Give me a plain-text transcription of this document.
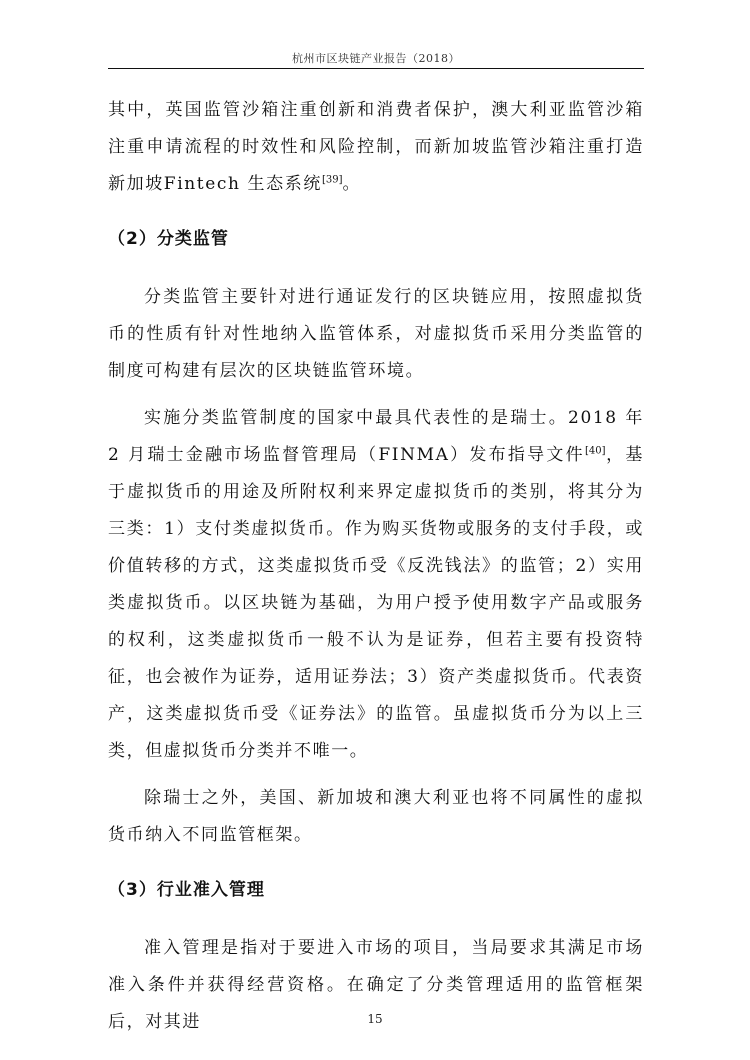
杭州市区块链产业报告（2018）

其中，英国监管沙箱注重创新和消费者保护，澳大利亚监管沙箱注重申请流程的时效性和风险控制，而新加坡监管沙箱注重打造新加坡Fintech 生态系统[39]。

（2）分类监管

分类监管主要针对进行通证发行的区块链应用，按照虚拟货币的性质有针对性地纳入监管体系，对虚拟货币采用分类监管的制度可构建有层次的区块链监管环境。

实施分类监管制度的国家中最具代表性的是瑞士。2018 年 2 月瑞士金融市场监督管理局（FINMA）发布指导文件[40]，基于虚拟货币的用途及所附权利来界定虚拟货币的类别，将其分为三类：1）支付类虚拟货币。作为购买货物或服务的支付手段，或价值转移的方式，这类虚拟货币受《反洗钱法》的监管；2）实用类虚拟货币。以区块链为基础，为用户授予使用数字产品或服务的权利，这类虚拟货币一般不认为是证券，但若主要有投资特征，也会被作为证券，适用证券法；3）资产类虚拟货币。代表资产，这类虚拟货币受《证券法》的监管。虽虚拟货币分为以上三类，但虚拟货币分类并不唯一。

除瑞士之外，美国、新加坡和澳大利亚也将不同属性的虚拟货币纳入不同监管框架。

（3）行业准入管理

准入管理是指对于要进入市场的项目，当局要求其满足市场准入条件并获得经营资格。在确定了分类管理适用的监管框架后，对其进	15
